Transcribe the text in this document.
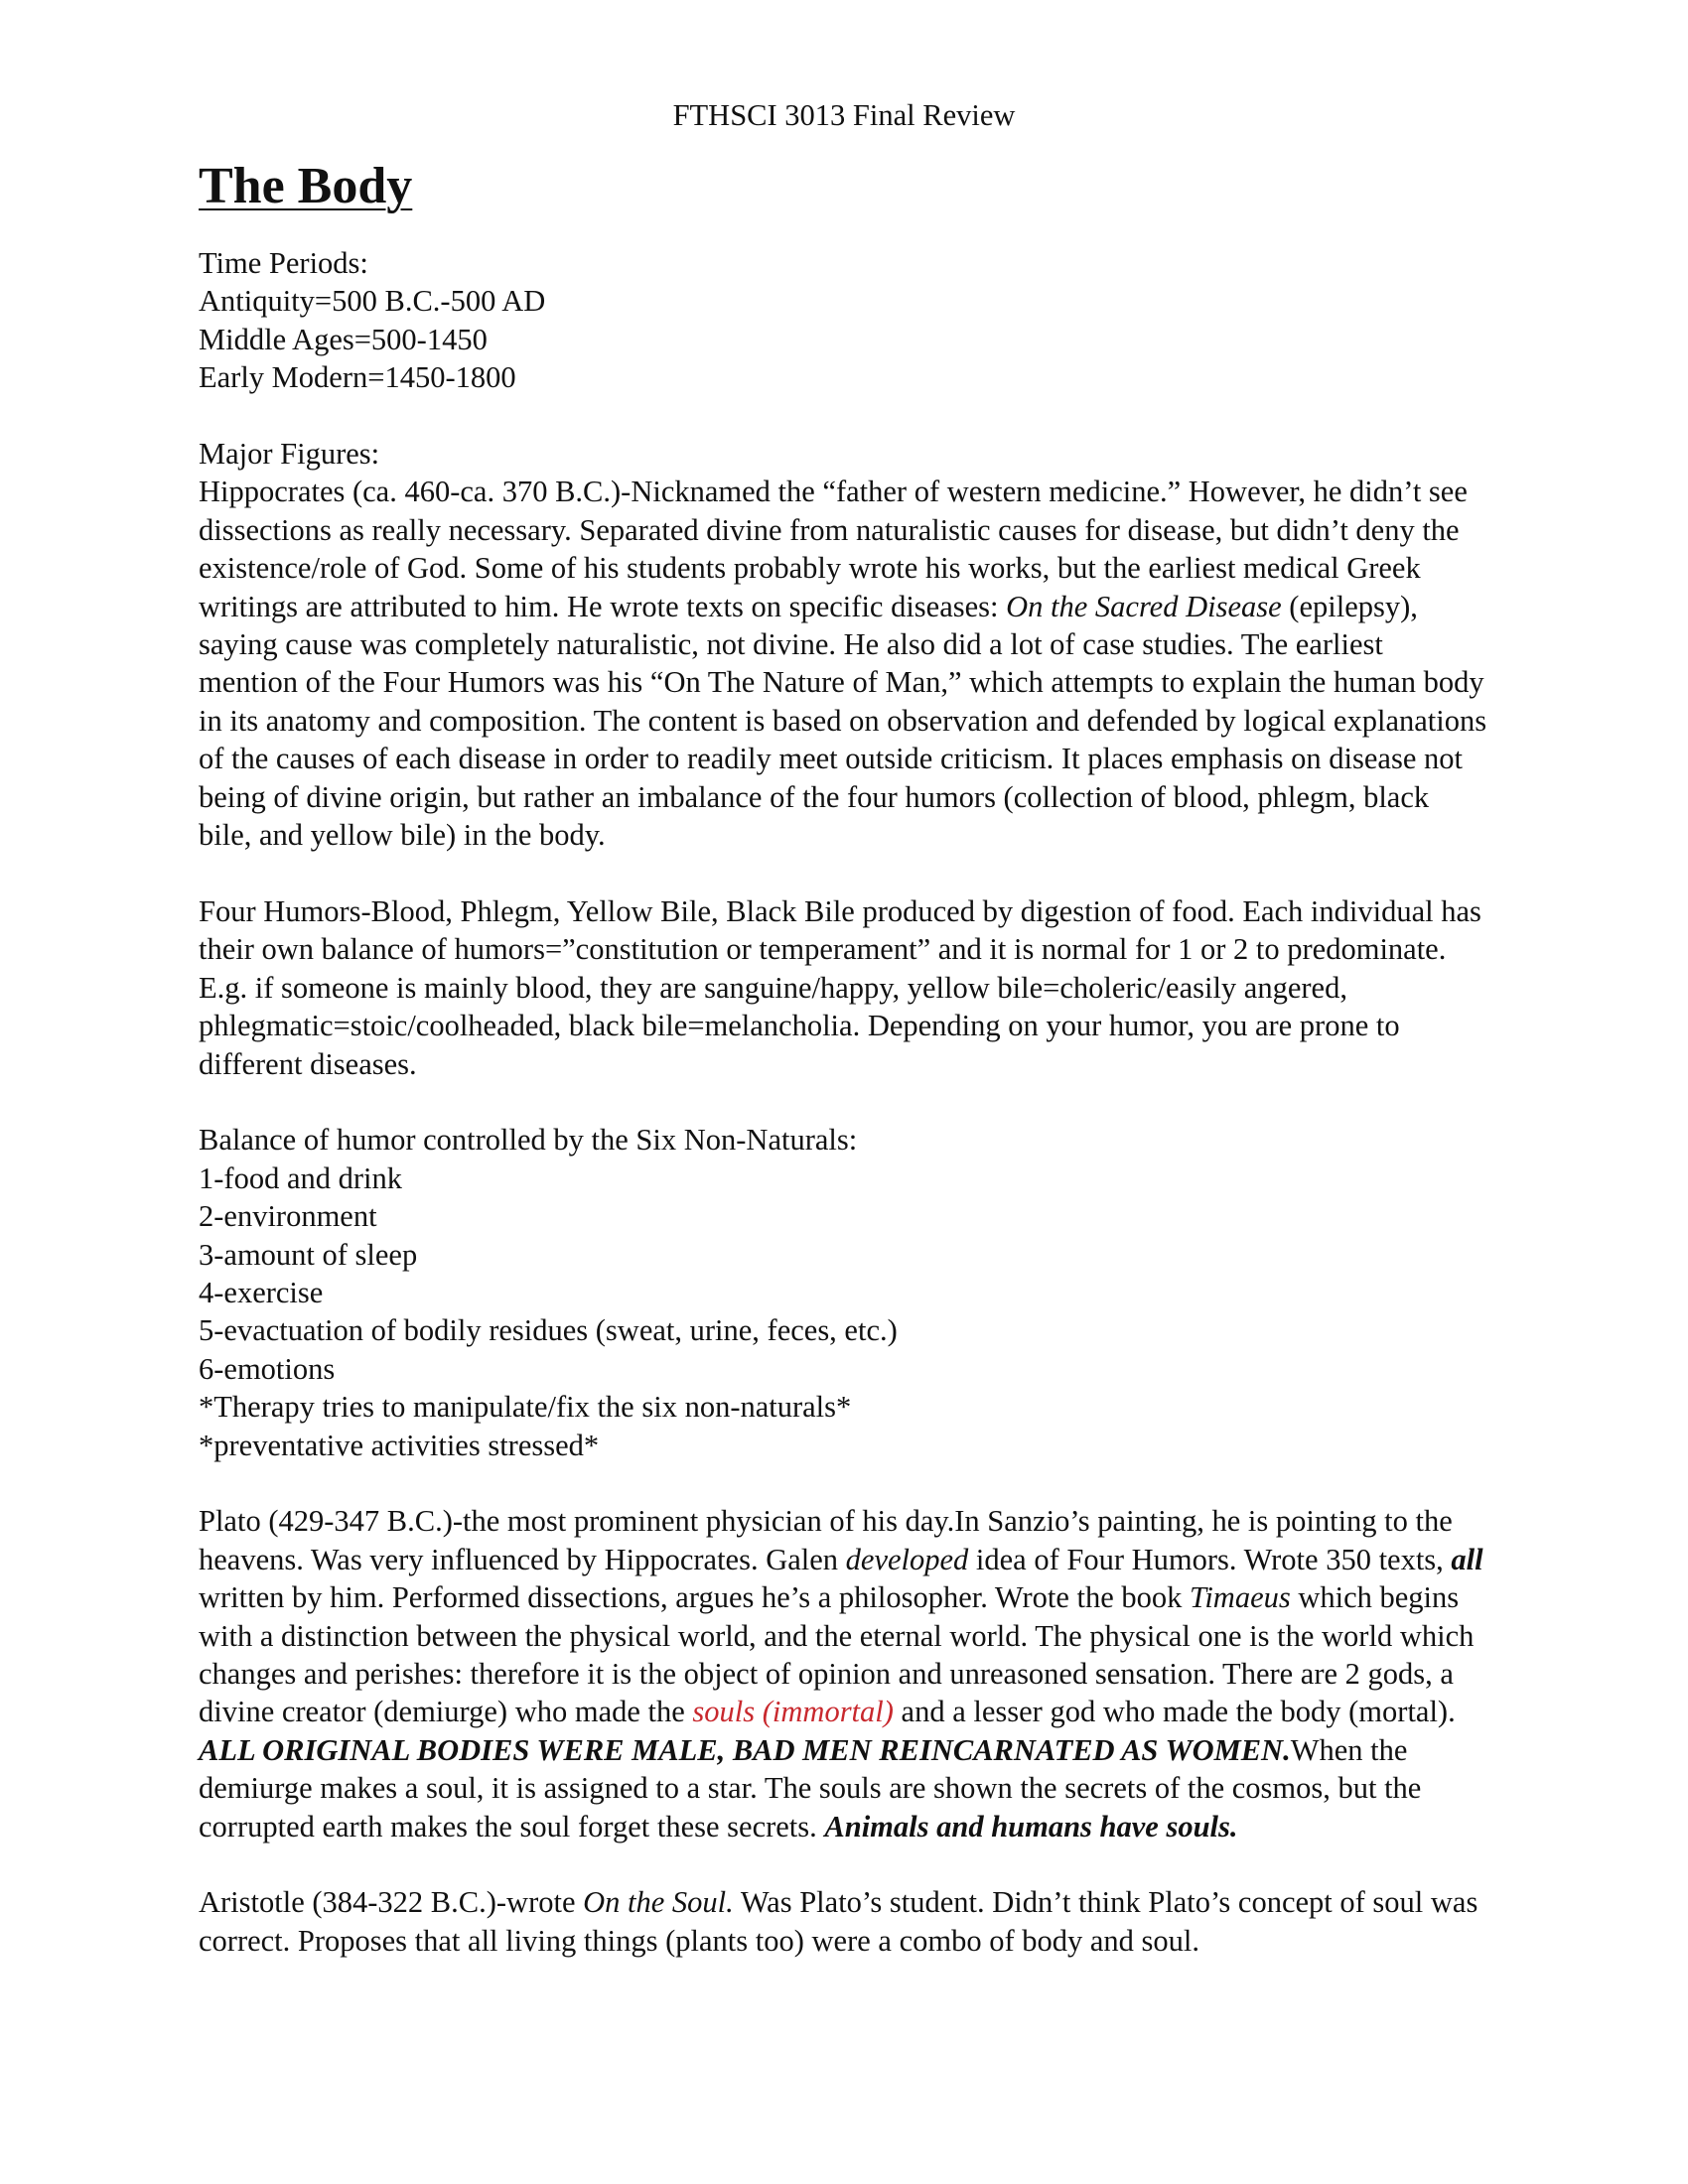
FTHSCI 3013 Final Review
The Body
Time Periods:
Antiquity=500 B.C.-500 AD
Middle Ages=500-1450
Early Modern=1450-1800
Major Figures:

Hippocrates (ca. 460-ca. 370 B.C.)-Nicknamed the “father of western medicine.” However, he didn’t see dissections as really necessary. Separated divine from naturalistic causes for disease, but didn’t deny the existence/role of God. Some of his students probably wrote his works, but the earliest medical Greek writings are attributed to him. He wrote texts on specific diseases: On the Sacred Disease (epilepsy), saying cause was completely naturalistic, not divine. He also did a lot of case studies. The earliest mention of the Four Humors was his “On The Nature of Man,” which attempts to explain the human body in its anatomy and composition. The content is based on observation and defended by logical explanations of the causes of each disease in order to readily meet outside criticism. It places emphasis on disease not being of divine origin, but rather an imbalance of the four humors (collection of blood, phlegm, black bile, and yellow bile) in the body.

Four Humors-Blood, Phlegm, Yellow Bile, Black Bile produced by digestion of food. Each individual has their own balance of humors=”constitution or temperament” and it is normal for 1 or 2 to predominate. E.g. if someone is mainly blood, they are sanguine/happy, yellow bile=choleric/easily angered, phlegmatic=stoic/coolheaded, black bile=melancholia. Depending on your humor, you are prone to different diseases.

Balance of humor controlled by the Six Non-Naturals:
1-food and drink
2-environment
3-amount of sleep
4-exercise
5-evactuation of bodily residues (sweat, urine, feces, etc.)
6-emotions
*Therapy tries to manipulate/fix the six non-naturals*
*preventative activities stressed*

Plato (429-347 B.C.)-the most prominent physician of his day.In Sanzio’s painting, he is pointing to the heavens. Was very influenced by Hippocrates. Galen developed idea of Four Humors. Wrote 350 texts, all written by him. Performed dissections, argues he’s a philosopher. Wrote the book Timaeus which begins with a distinction between the physical world, and the eternal world. The physical one is the world which changes and perishes: therefore it is the object of opinion and unreasoned sensation. There are 2 gods, a divine creator (demiurge) who made the souls (immortal) and a lesser god who made the body (mortal). ALL ORIGINAL BODIES WERE MALE, BAD MEN REINCARNATED AS WOMEN.When the demiurge makes a soul, it is assigned to a star. The souls are shown the secrets of the cosmos, but the corrupted earth makes the soul forget these secrets. Animals and humans have souls.

Aristotle (384-322 B.C.)-wrote On the Soul. Was Plato’s student. Didn’t think Plato’s concept of soul was correct. Proposes that all living things (plants too) were a combo of body and soul.
